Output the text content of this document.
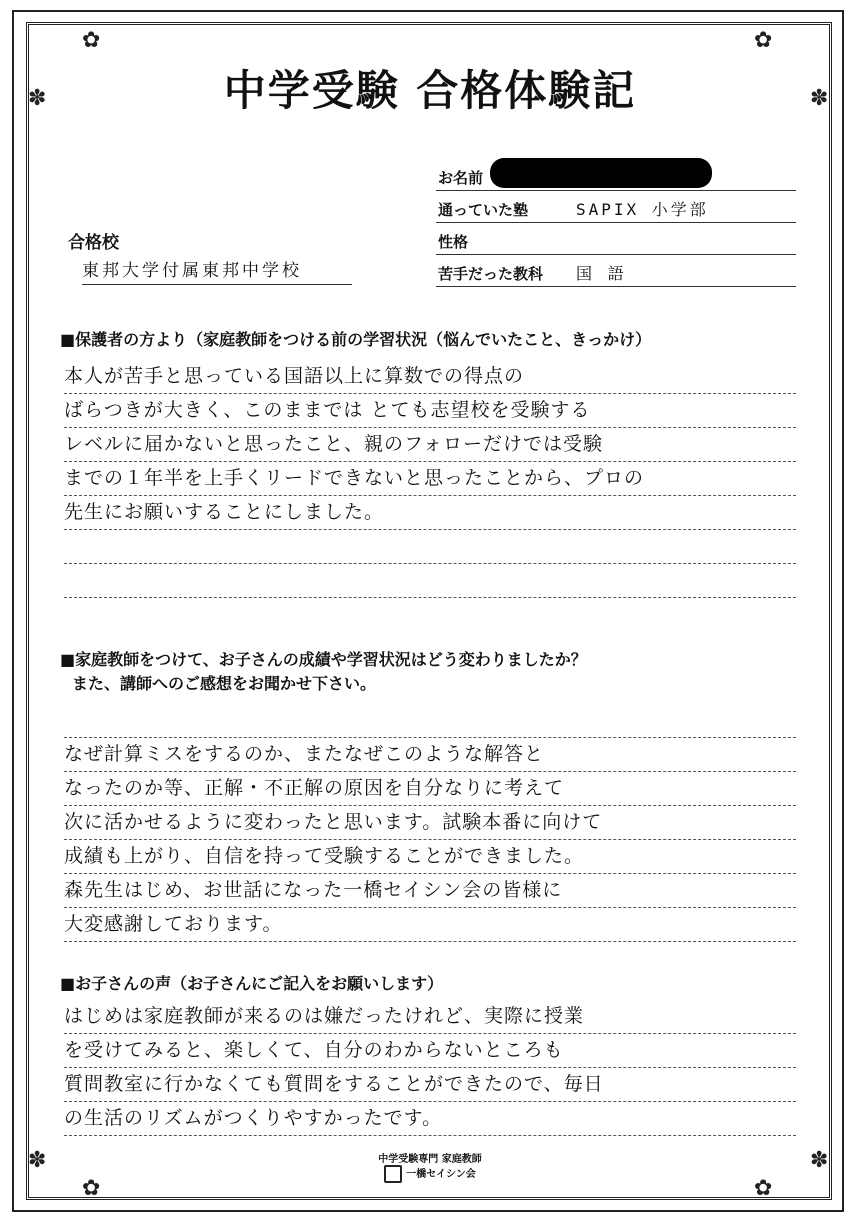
✿	✿
✽	✽
✽	✽
✿	✿
中学受験 合格体験記
お名前
通っていた塾	SAPIX 小学部
性格
苦手だった教科 国 語
合格校
東邦大学付属東邦中学校
■保護者の方より（家庭教師をつける前の学習状況（悩んでいたこと、きっかけ）
本人が苦手と思っている国語以上に算数での得点の
ばらつきが大きく、このままでは とても志望校を受験する
レベルに届かないと思ったこと、親のフォローだけでは受験
までの１年半を上手くリードできないと思ったことから、プロの
先生にお願いすることにしました。
■家庭教師をつけて、お子さんの成績や学習状況はどう変わりましたか？
また、講師へのご感想をお聞かせ下さい。
なぜ計算ミスをするのか、またなぜこのような解答と
なったのか等、正解・不正解の原因を自分なりに考えて
次に活かせるように変わったと思います。試験本番に向けて
成績も上がり、自信を持って受験することができました。
森先生はじめ、お世話になった一橋セイシン会の皆様に
大変感謝しております。
■お子さんの声（お子さんにご記入をお願いします）
はじめは家庭教師が来るのは嫌だったけれど、実際に授業
を受けてみると、楽しくて、自分のわからないところも
質問教室に行かなくても質問をすることができたので、毎日
の生活のリズムがつくりやすかったです。
中学受験専門 家庭教師
一橋セイシン会
